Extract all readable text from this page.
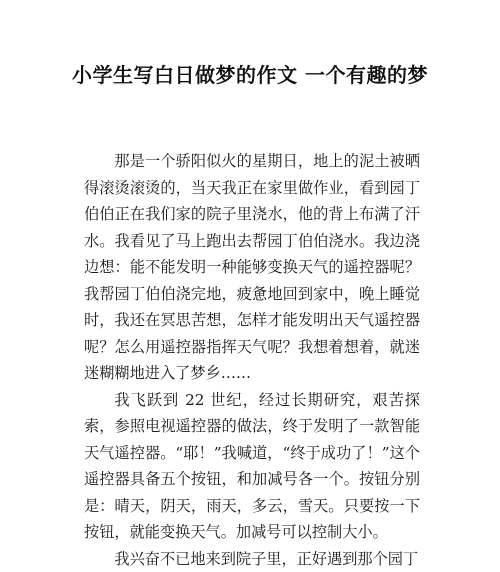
小学生写白日做梦的作文 一个有趣的梦

那是一个骄阳似火的星期日，地上的泥土被晒得滚烫滚烫的，当天我正在家里做作业，看到园丁伯伯正在我们家的院子里浇水，他的背上布满了汗水。我看见了马上跑出去帮园丁伯伯浇水。我边浇边想：能不能发明一种能够变换天气的遥控器呢？我帮园丁伯伯浇完地，疲惫地回到家中，晚上睡觉时，我还在冥思苦想，怎样才能发明出天气遥控器呢？怎么用遥控器指挥天气呢？我想着想着，就迷迷糊糊地进入了梦乡……

我飞跃到 22 世纪，经过长期研究，艰苦探索，参照电视遥控器的做法，终于发明了一款智能天气遥控器。“耶！”我喊道，“终于成功了！”这个遥控器具备五个按钮，和加减号各一个。按钮分别是：晴天，阴天，雨天，多云，雪天。只要按一下按钮，就能变换天气。加减号可以控制大小。

我兴奋不已地来到院子里，正好遇到那个园丁
